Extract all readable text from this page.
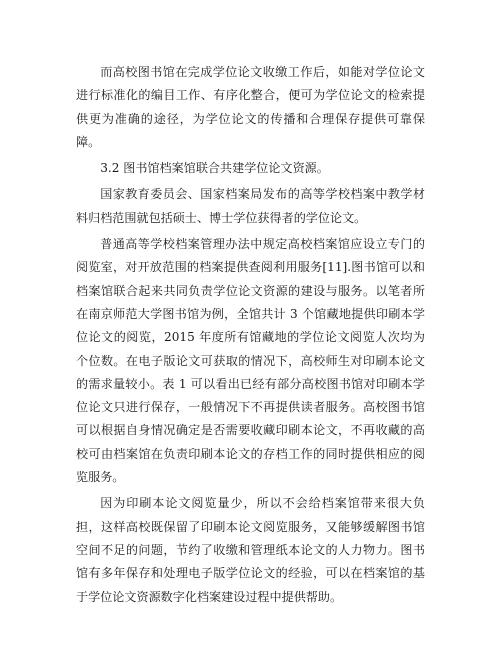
而高校图书馆在完成学位论文收缴工作后，如能对学位论文进行标准化的编目工作、有序化整合，便可为学位论文的检索提供更为准确的途径，为学位论文的传播和合理保存提供可靠保障。

3.2 图书馆档案馆联合共建学位论文资源。

国家教育委员会、国家档案局发布的高等学校档案中教学材料归档范围就包括硕士、博士学位获得者的学位论文。

普通高等学校档案管理办法中规定高校档案馆应设立专门的阅览室，对开放范围的档案提供查阅利用服务[11].图书馆可以和档案馆联合起来共同负责学位论文资源的建设与服务。以笔者所在南京师范大学图书馆为例，全馆共计 3 个馆藏地提供印刷本学位论文的阅览，2015 年度所有馆藏地的学位论文阅览人次均为个位数。在电子版论文可获取的情况下，高校师生对印刷本论文的需求量较小。表 1 可以看出已经有部分高校图书馆对印刷本学位论文只进行保存，一般情况下不再提供读者服务。高校图书馆可以根据自身情况确定是否需要收藏印刷本论文，不再收藏的高校可由档案馆在负责印刷本论文的存档工作的同时提供相应的阅览服务。

因为印刷本论文阅览量少，所以不会给档案馆带来很大负担，这样高校既保留了印刷本论文阅览服务，又能够缓解图书馆空间不足的问题，节约了收缴和管理纸本论文的人力物力。图书馆有多年保存和处理电子版学位论文的经验，可以在档案馆的基于学位论文资源数字化档案建设过程中提供帮助。
